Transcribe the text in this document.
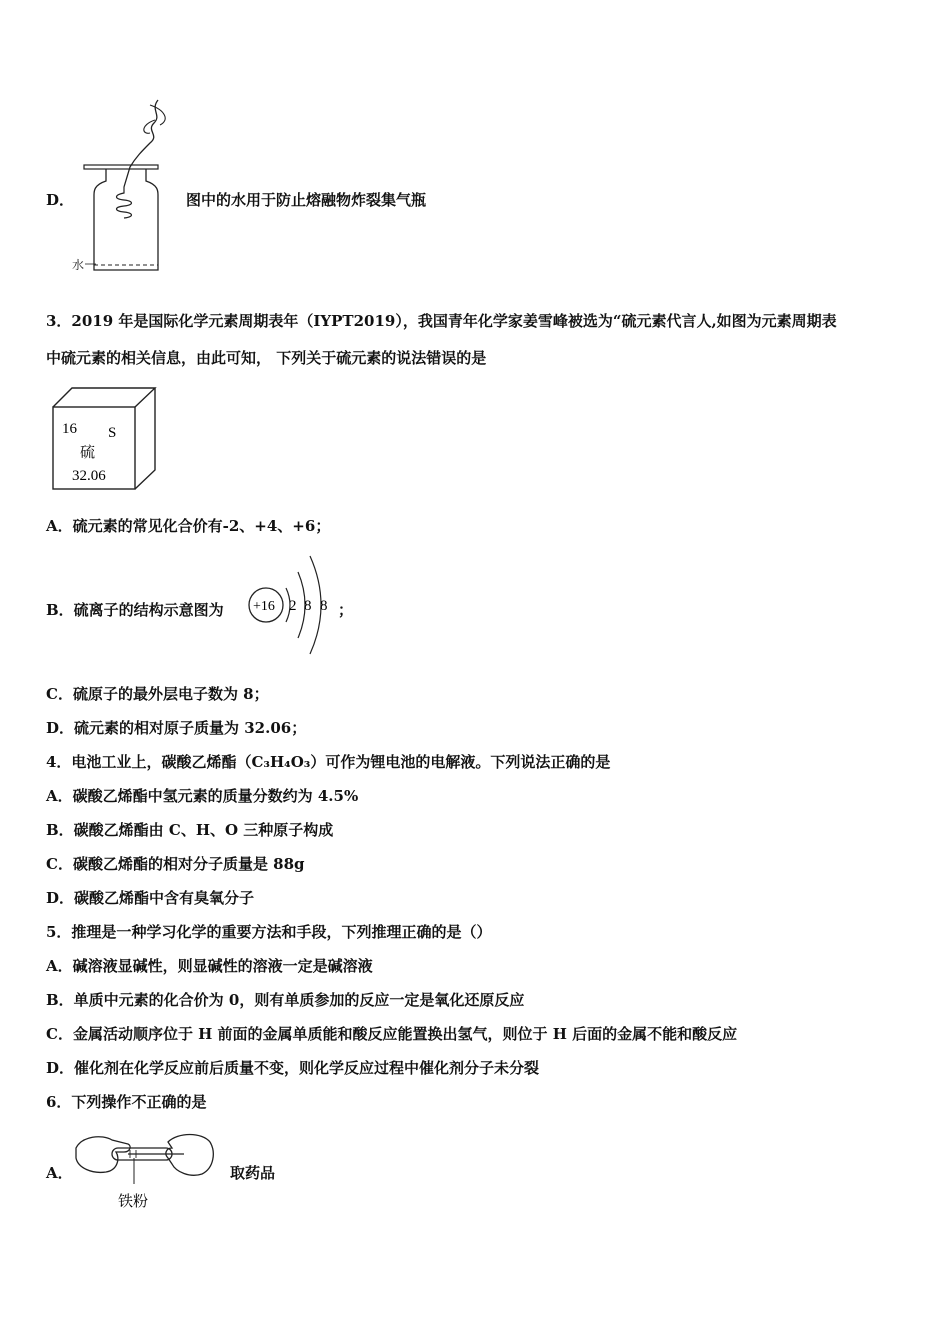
D．
水
图中的水用于防止熔融物炸裂集气瓶
3．2019 年是国际化学元素周期表年（IYPT2019），我国青年化学家姜雪峰被选为“硫元素代言人,如图为元素周期表
中硫元素的相关信息，由此可知， 下列关于硫元素的说法错误的是
16 S
硫
32.06
A．硫元素的常见化合价有-2、+4、+6；
B．硫离子的结构示意图为 +16 2 8 8 ；
C．硫原子的最外层电子数为 8；
D．硫元素的相对原子质量为 32.06；
4．电池工业上，碳酸乙烯酯（C₃H₄O₃）可作为锂电池的电解液。下列说法正确的是
A．碳酸乙烯酯中氢元素的质量分数约为 4.5%
B．碳酸乙烯酯由 C、H、O 三种原子构成
C．碳酸乙烯酯的相对分子质量是 88g
D．碳酸乙烯酯中含有臭氧分子
5．推理是一种学习化学的重要方法和手段，下列推理正确的是（）
A．碱溶液显碱性，则显碱性的溶液一定是碱溶液
B．单质中元素的化合价为 0，则有单质参加的反应一定是氧化还原反应
C．金属活动顺序位于 H 前面的金属单质能和酸反应能置换出氢气，则位于 H 后面的金属不能和酸反应
D．催化剂在化学反应前后质量不变，则化学反应过程中催化剂分子未分裂
6．下列操作不正确的是
A．
铁粉
取药品
